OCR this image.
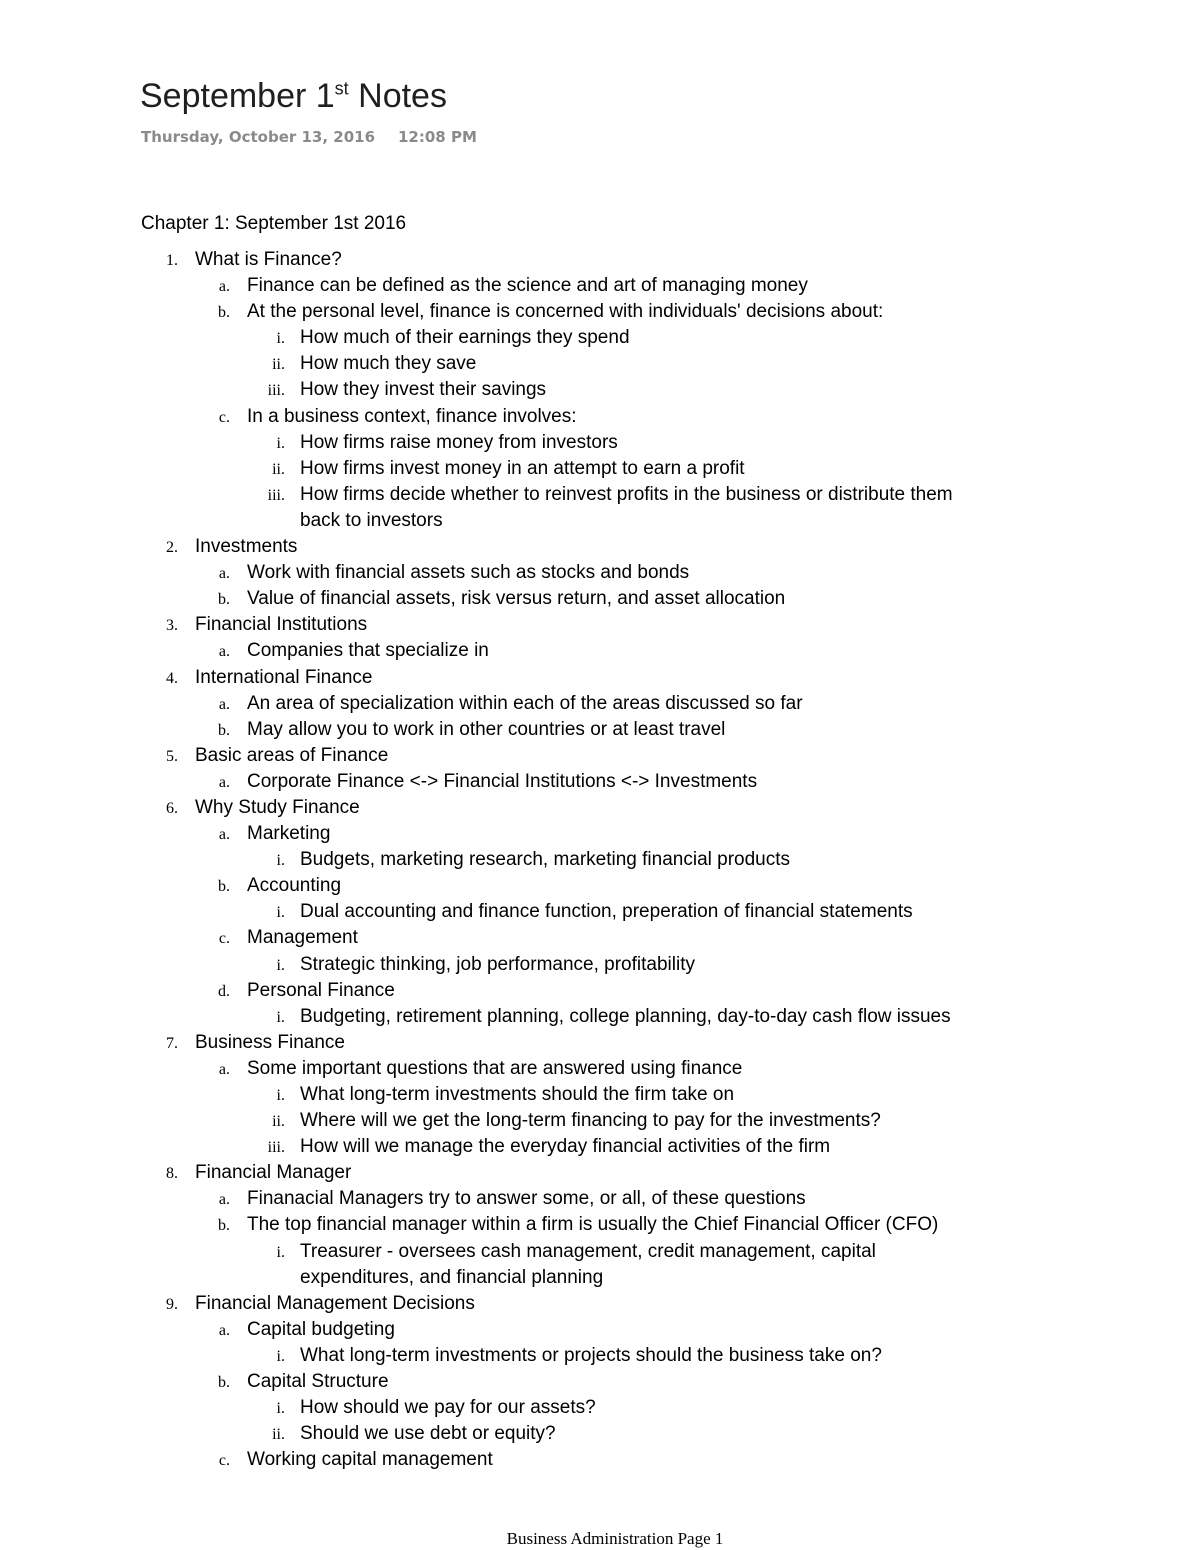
September 1st Notes
Thursday, October 13, 2016 12:08 PM
Chapter 1: September 1st 2016
1. What is Finance?
a. Finance can be defined as the science and art of managing money
b. At the personal level, finance is concerned with individuals' decisions about:
i. How much of their earnings they spend
ii. How much they save
iii. How they invest their savings
c. In a business context, finance involves:
i. How firms raise money from investors
ii. How firms invest money in an attempt to earn a profit
iii. How firms decide whether to reinvest profits in the business or distribute them
back to investors
2. Investments
a. Work with financial assets such as stocks and bonds
b. Value of financial assets, risk versus return, and asset allocation
3. Financial Institutions
a. Companies that specialize in
4. International Finance
a. An area of specialization within each of the areas discussed so far
b. May allow you to work in other countries or at least travel
5. Basic areas of Finance
a. Corporate Finance <-> Financial Institutions <-> Investments
6. Why Study Finance
a. Marketing
i. Budgets, marketing research, marketing financial products
b. Accounting
i. Dual accounting and finance function, preperation of financial statements
c. Management
i. Strategic thinking, job performance, profitability
d. Personal Finance
i. Budgeting, retirement planning, college planning, day-to-day cash flow issues
7. Business Finance
a. Some important questions that are answered using finance
i. What long-term investments should the firm take on
ii. Where will we get the long-term financing to pay for the investments?
iii. How will we manage the everyday financial activities of the firm
8. Financial Manager
a. Finanacial Managers try to answer some, or all, of these questions
b. The top financial manager within a firm is usually the Chief Financial Officer (CFO)
i. Treasurer - oversees cash management, credit management, capital
expenditures, and financial planning
9. Financial Management Decisions
a. Capital budgeting
i. What long-term investments or projects should the business take on?
b. Capital Structure
i. How should we pay for our assets?
ii. Should we use debt or equity?
c. Working capital management
Business Administration Page 1
